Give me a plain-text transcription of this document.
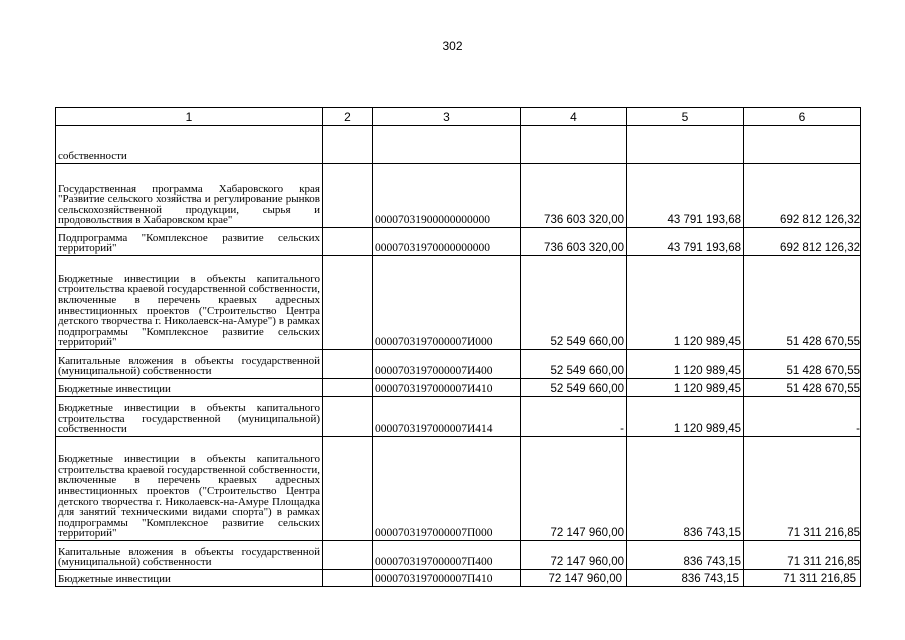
302
1	2	3	4	5	6
собственности					
Государственная программа Хабаровского края "Развитие сельского хозяйства и регулирование рынков сельскохозяйственной продукции, сырья и продовольствия в Хабаровском крае"		00007031900000000000	736 603 320,00	43 791 193,68	692 812 126,32
Подпрограмма "Комплексное развитие сельских территорий"		00007031970000000000	736 603 320,00	43 791 193,68	692 812 126,32
Бюджетные инвестиции в объекты капитального строительства краевой государственной собственности, включенные в перечень краевых адресных инвестиционных проектов ("Строительство Центра детского творчества г. Николаевск-на-Амуре") в рамках подпрограммы "Комплексное развитие сельских территорий"		0000703197000007И000	52 549 660,00	1 120 989,45	51 428 670,55
Капитальные вложения в объекты государственной (муниципальной) собственности		0000703197000007И400	52 549 660,00	1 120 989,45	51 428 670,55
Бюджетные инвестиции		0000703197000007И410	52 549 660,00	1 120 989,45	51 428 670,55
Бюджетные инвестиции в объекты капитального строительства государственной (муниципальной) собственности		0000703197000007И414	-	1 120 989,45	-
Бюджетные инвестиции в объекты капитального строительства краевой государственной собственности, включенные в перечень краевых адресных инвестиционных проектов ("Строительство Центра детского творчества г. Николаевск-на-Амуре Площадка для занятий техническими видами спорта") в рамках подпрограммы "Комплексное развитие сельских территорий"		0000703197000007П000	72 147 960,00	836 743,15	71 311 216,85
Капитальные вложения в объекты государственной (муниципальной) собственности		0000703197000007П400	72 147 960,00	836 743,15	71 311 216,85
Бюджетные инвестиции		0000703197000007П410	72 147 960,00	836 743,15	71 311 216,85
